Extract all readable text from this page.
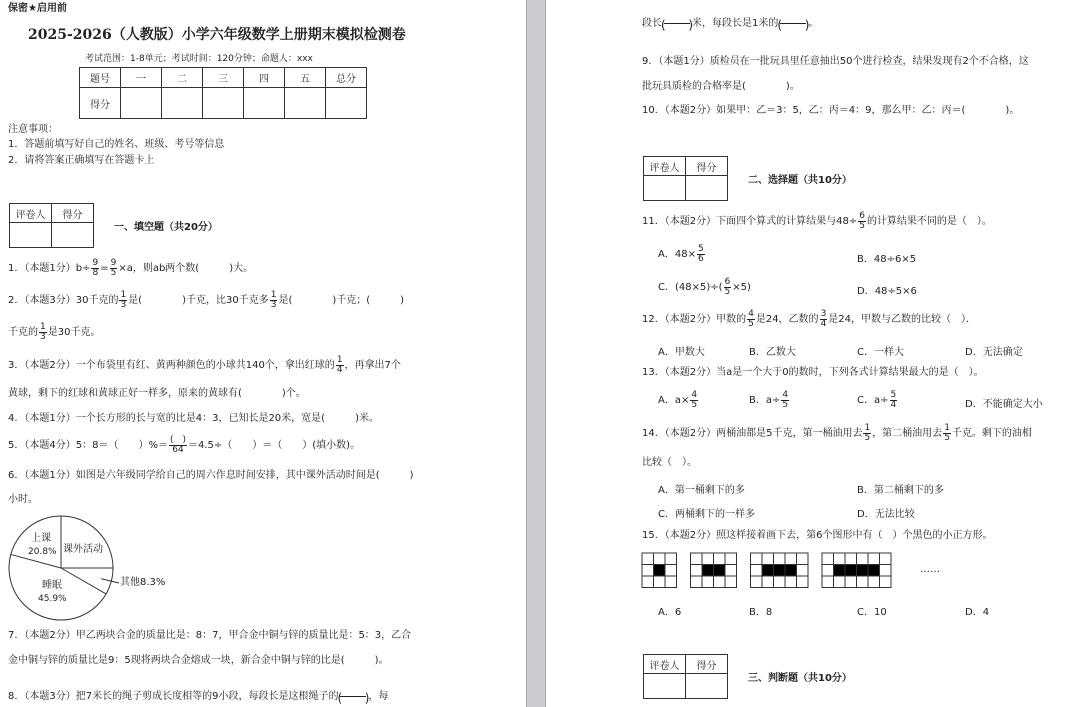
保密★启用前
2025-2026（人教版）小学六年级数学上册期末模拟检测卷
考试范围：1-8单元；考试时间：120分钟；命题人：xxx
题号	一	二	三	四	五	总分
得分						
注意事项：
1．答题前填写好自己的姓名、班级、考号等信息
2．请将答案正确填写在答题卡上
评卷人	得分

一、填空题（共20分）
1．（本题1分）$b\div \frac{9}{8} = \frac{9}{5} \times a$，则ab两个数(　　　)大。
2．（本题3分）30千克的 $\frac{1}{3}$ 是(　　　　)千克，比30千克多 $\frac{1}{3}$ 是(　　　　)千克；(　　　)
千克的 $\frac{1}{3}$ 是30千克。
3．（本题2分）一个布袋里有红、黄两种颜色的小球共140个，拿出红球的 $\frac{1}{4}$ ，再拿出7个
黄球，剩下的红球和黄球正好一样多，原来的黄球有(　　　　)个。
4．（本题1分）一个长方形的长与宽的比是4：3，已知长是20米，宽是(　　　)米。
5．（本题4分）5：8＝（　　）%＝
(　)
64 ＝4.5÷（　　）＝（　　）(填小数)。
6．（本题1分）如图是六年级同学给自己的周六作息时间安排，其中课外活动时间是(　　　)
小时。
上课
20.8% 课外活动
睡眠
45.9%
其他8.3%
7．（本题2分）甲乙两块合金的质量比是：8：7，甲合金中铜与锌的质量比是：5：3，乙合
金中铜与锌的质量比是9：5现将两块合金熔成一块，新合金中铜与锌的比是(　　　)。
8．（本题3分）把7米长的绳子剪成长度相等的9小段，每段长是这根绳子的 ( ) ，每
段长 ( ) 米，每段长是1米的 ( ) 。
9．（本题1分）质检员在一批玩具里任意抽出50个进行检查，结果发现有2个不合格，这
批玩具质检的合格率是(　　　　)。
10．（本题2分）如果甲：乙＝3：5，乙：丙＝4：9，那么甲：乙：丙＝(　　　　)。
评卷人	得分

二、选择题（共10分）
11．（本题2分）下面四个算式的计算结果与$48\div \frac{6}{5}$ 的计算结果不同的是（　）。
A．$48\times \frac{5}{6}$	B．48÷6×5
C．$(48\times 5)\div( \frac{6}{5} \times 5)$	D．48÷5×6
12．（本题2分）甲数的 $\frac{4}{5}$ 是24，乙数的 $\frac{3}{4}$ 是24，甲数与乙数的比较（　）．
A．甲数大	B．乙数大	C．一样大	D．无法确定
13．（本题2分）当a是一个大于0的数时，下列各式计算结果最大的是（　）。
A．$a\times \frac{4}{5}$	B．$a\div \frac{4}{5}$	C．$a\div \frac{5}{4}$	D．不能确定大小
14．（本题2分）两桶油都是5千克，第一桶油用去 $\frac{1}{5}$ ，第二桶油用去 $\frac{1}{5}$ 千克。剩下的油相
比较（　）。
A．第一桶剩下的多	B．第二桶剩下的多
C．两桶剩下的一样多	D．无法比较
15．（本题2分）照这样接着画下去，第6个图形中有（　）个黑色的小正方形。
……
A．6	B．8	C．10	D．4
评卷人	得分

三、判断题（共10分）
